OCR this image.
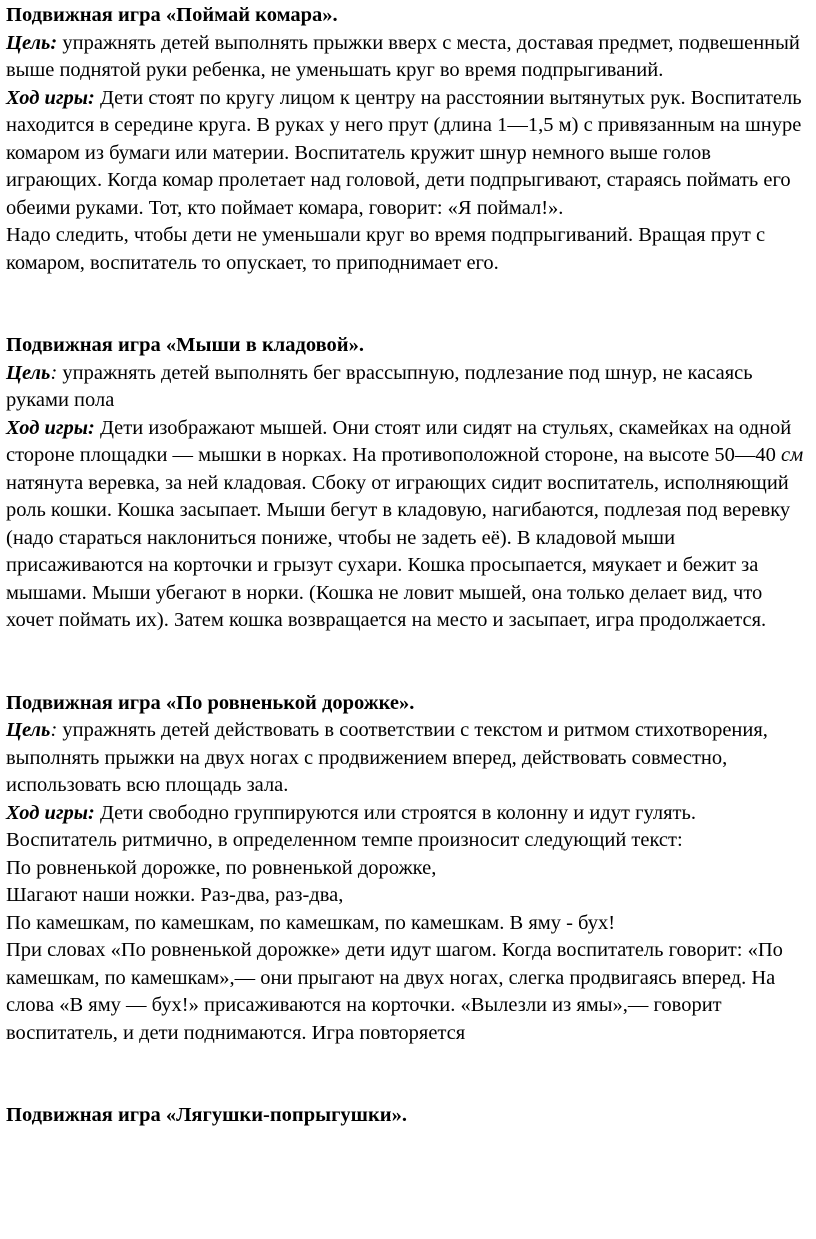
Подвижная игра «Поймай комара».

Цель: упражнять детей выполнять прыжки вверх с места, доставая предмет, подвешенный выше поднятой руки ребенка, не уменьшать круг во время подпрыгиваний.

Ход игры: Дети стоят по кругу лицом к центру на расстоянии вытянутых рук. Воспитатель находится в середине круга. В руках у него прут (длина 1—1,5 м) с привязанным на шнуре комаром из бумаги или материи. Воспитатель кружит шнур немного выше голов играющих. Когда комар пролетает над головой, дети подпрыгивают, стараясь поймать его обеими руками. Тот, кто поймает комара, говорит: «Я поймал!».

Надо следить, чтобы дети не уменьшали круг во время подпрыгиваний. Вращая прут с комаром, воспитатель то опускает, то приподнимает его.

Подвижная игра «Мыши в кладовой».

Цель: упражнять детей выполнять бег врассыпную, подлезание под шнур, не касаясь руками пола

Ход игры: Дети изображают мышей. Они стоят или сидят на стульях, скамейках на одной стороне площадки — мышки в норках. На противоположной стороне, на высоте 50—40 см натянута веревка, за ней кладовая. Сбоку от играющих сидит воспитатель, исполняющий роль кошки. Кошка засыпает. Мыши бегут в кладовую, нагибаются, подлезая под веревку (надо стараться наклониться пониже, чтобы не задеть её). В кладовой мыши присаживаются на корточки и грызут сухари. Кошка просыпается, мяукает и бежит за мышами. Мыши убегают в норки. (Кошка не ловит мышей, она только делает вид, что хочет поймать их). Затем кошка возвращается на место и засыпает, игра продолжается.

Подвижная игра «По ровненькой дорожке».

Цель: упражнять детей действовать в соответствии с текстом и ритмом стихотворения, выполнять прыжки на двух ногах с продвижением вперед, действовать совместно, использовать всю площадь зала.

Ход игры: Дети свободно группируются или строятся в колонну и идут гулять. Воспитатель ритмично, в определенном темпе произносит следующий текст:

По ровненькой дорожке, по ровненькой дорожке,

Шагают наши ножки. Раз-два, раз-два,

По камешкам, по камешкам, по камешкам, по камешкам. В яму - бух!

При словах «По ровненькой дорожке» дети идут шагом. Когда воспитатель говорит: «По камешкам, по камешкам»,— они прыгают на двух ногах, слегка продвигаясь вперед. На слова «В яму — бух!» присаживаются на корточки. «Вылезли из ямы»,— говорит воспитатель, и дети поднимаются. Игра повторяется

Подвижная игра «Лягушки-попрыгушки».
